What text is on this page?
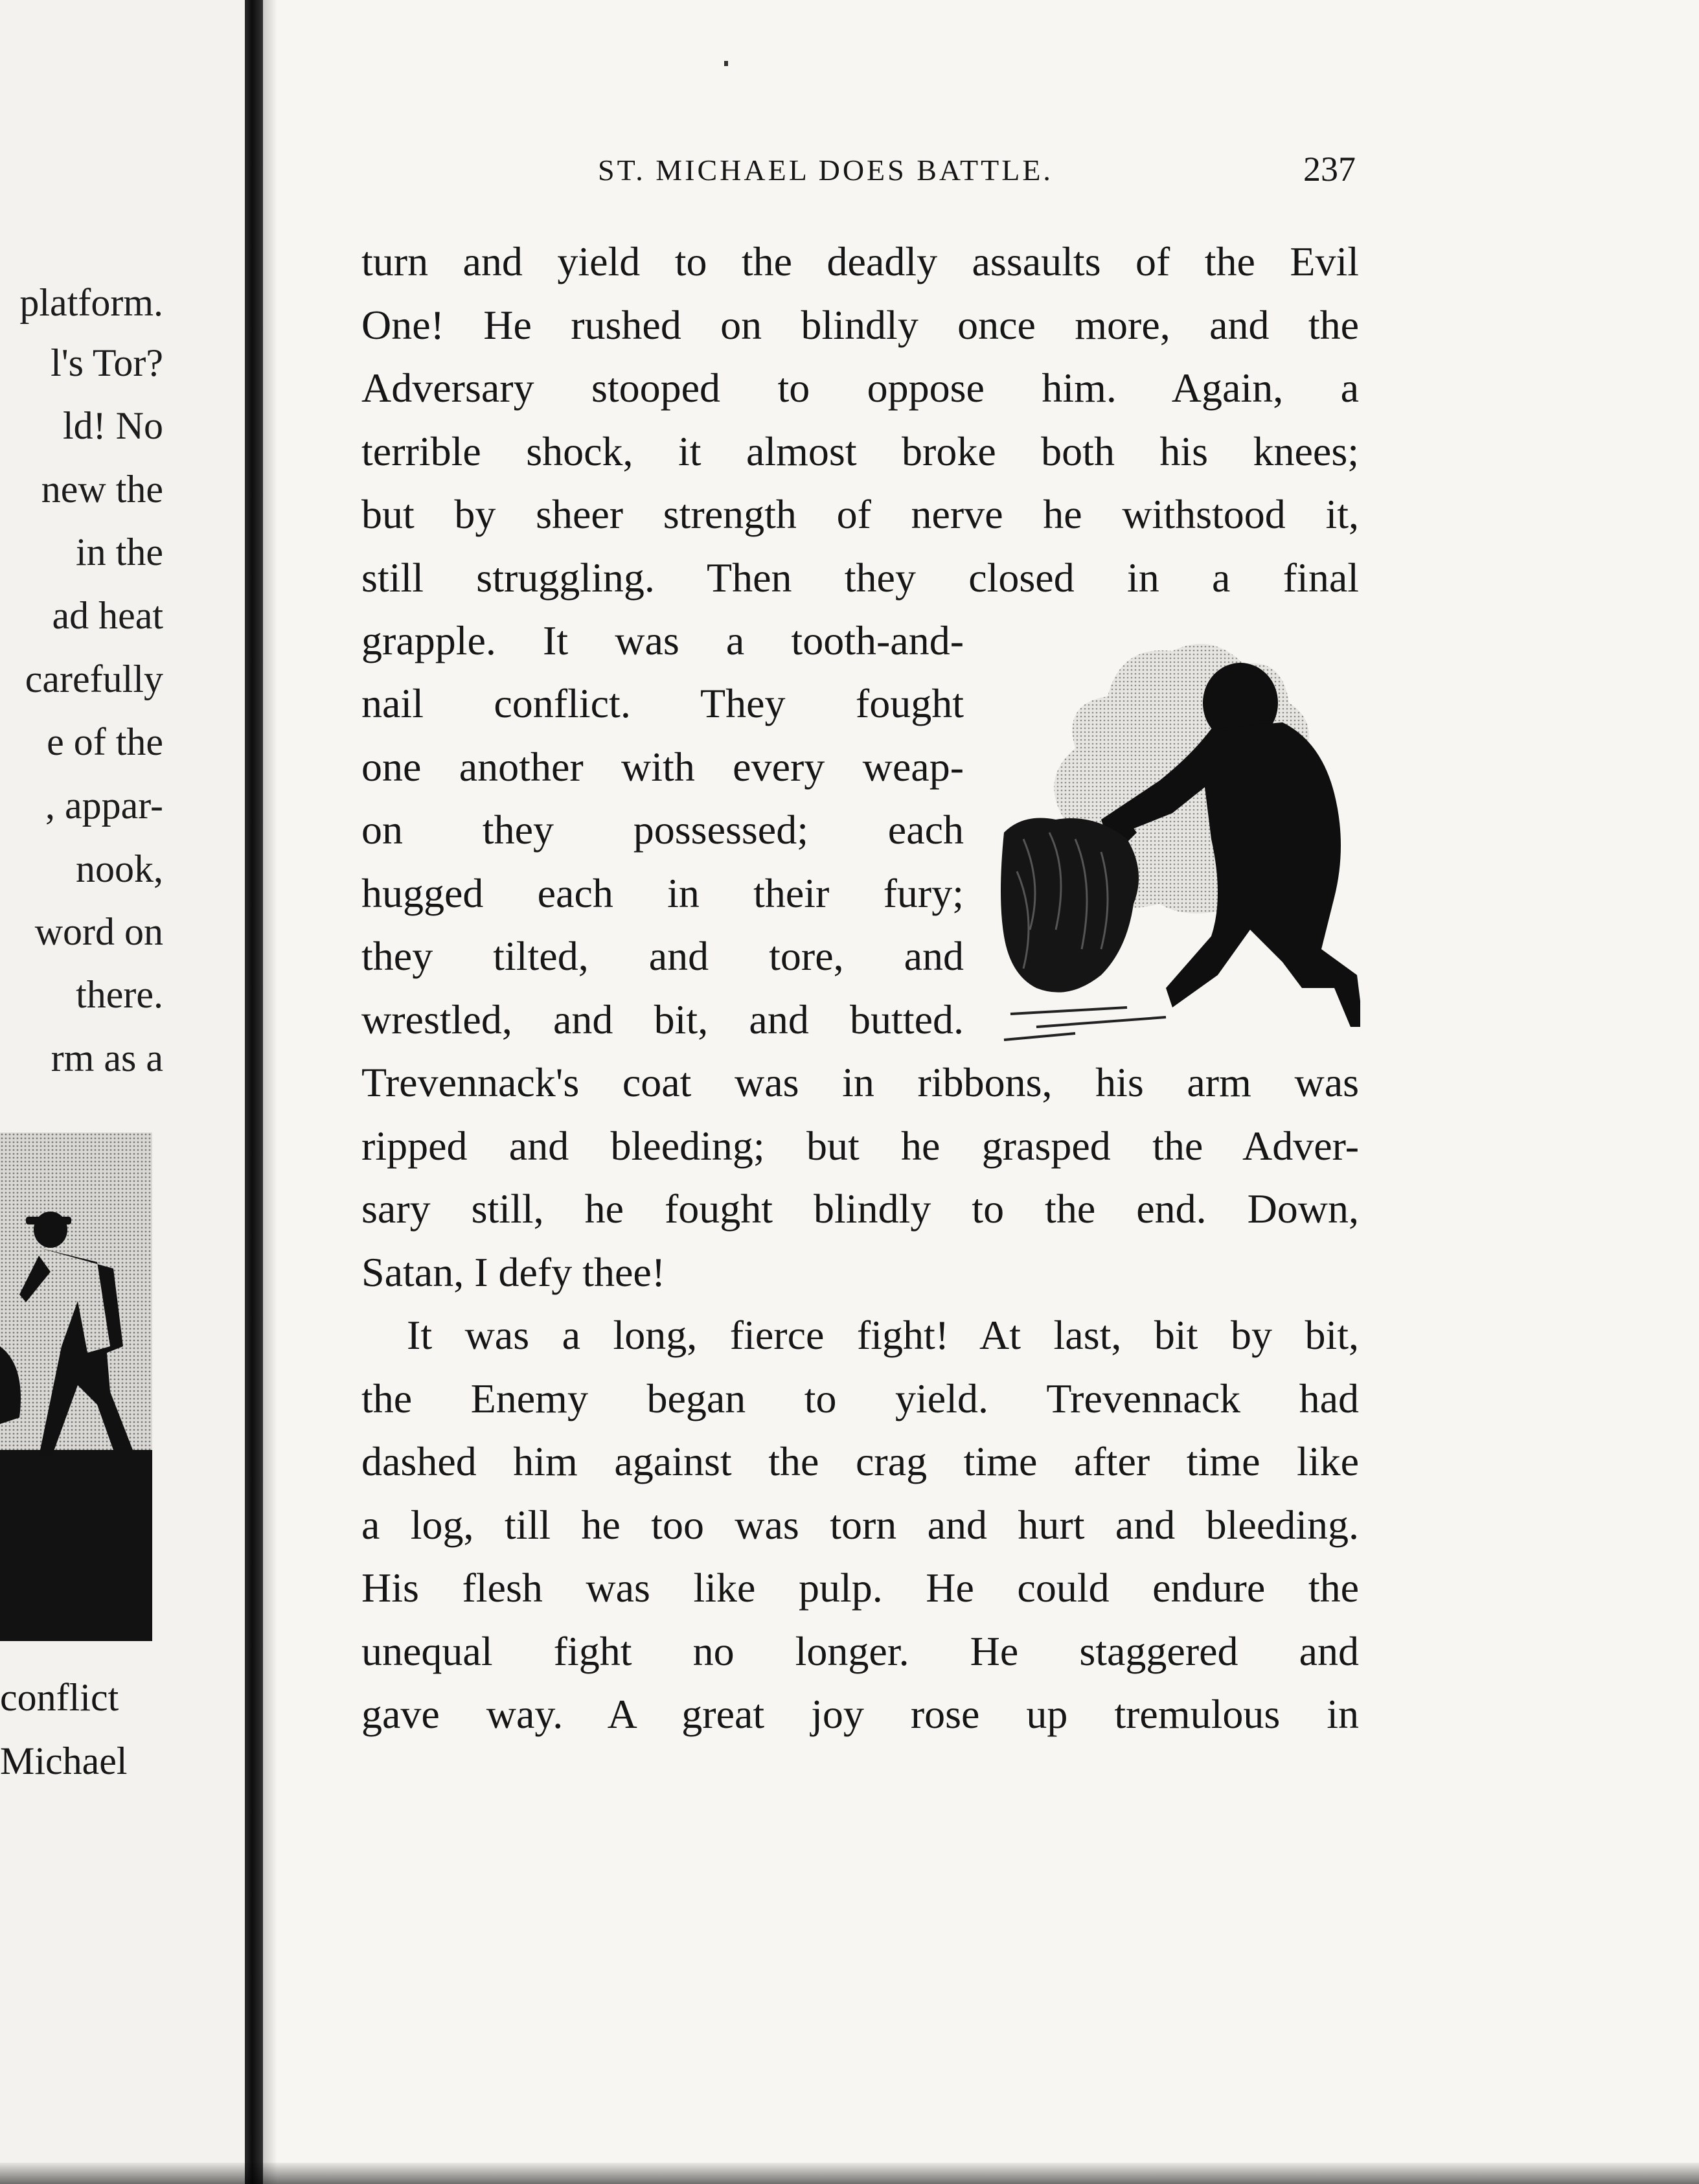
platform.
l's Tor?
ld! No
new the
in the
ad heat
carefully
e of the
, appar-
nook,
word on
there.
rm as a
conflict
Michael
ST. MICHAEL DOES BATTLE.	237
turn and yield to the deadly assaults of the Evil
One! He rushed on blindly once more, and the
Adversary stooped to oppose him. Again, a
terrible shock, it almost broke both his knees;
but by sheer strength of nerve he withstood it,
still struggling. Then they closed in a final
grapple. It was a tooth-and-
nail conflict. They fought
one another with every weap-
on they possessed; each
hugged each in their fury;
they tilted, and tore, and
wrestled, and bit, and butted.
Trevennack's coat was in ribbons, his arm was
ripped and bleeding; but he grasped the Adver-
sary still, he fought blindly to the end. Down,
Satan, I defy thee!
It was a long, fierce fight! At last, bit by bit,
the Enemy began to yield. Trevennack had
dashed him against the crag time after time like
a log, till he too was torn and hurt and bleeding.
His flesh was like pulp. He could endure the
unequal fight no longer. He staggered and
gave way. A great joy rose up tremulous in
